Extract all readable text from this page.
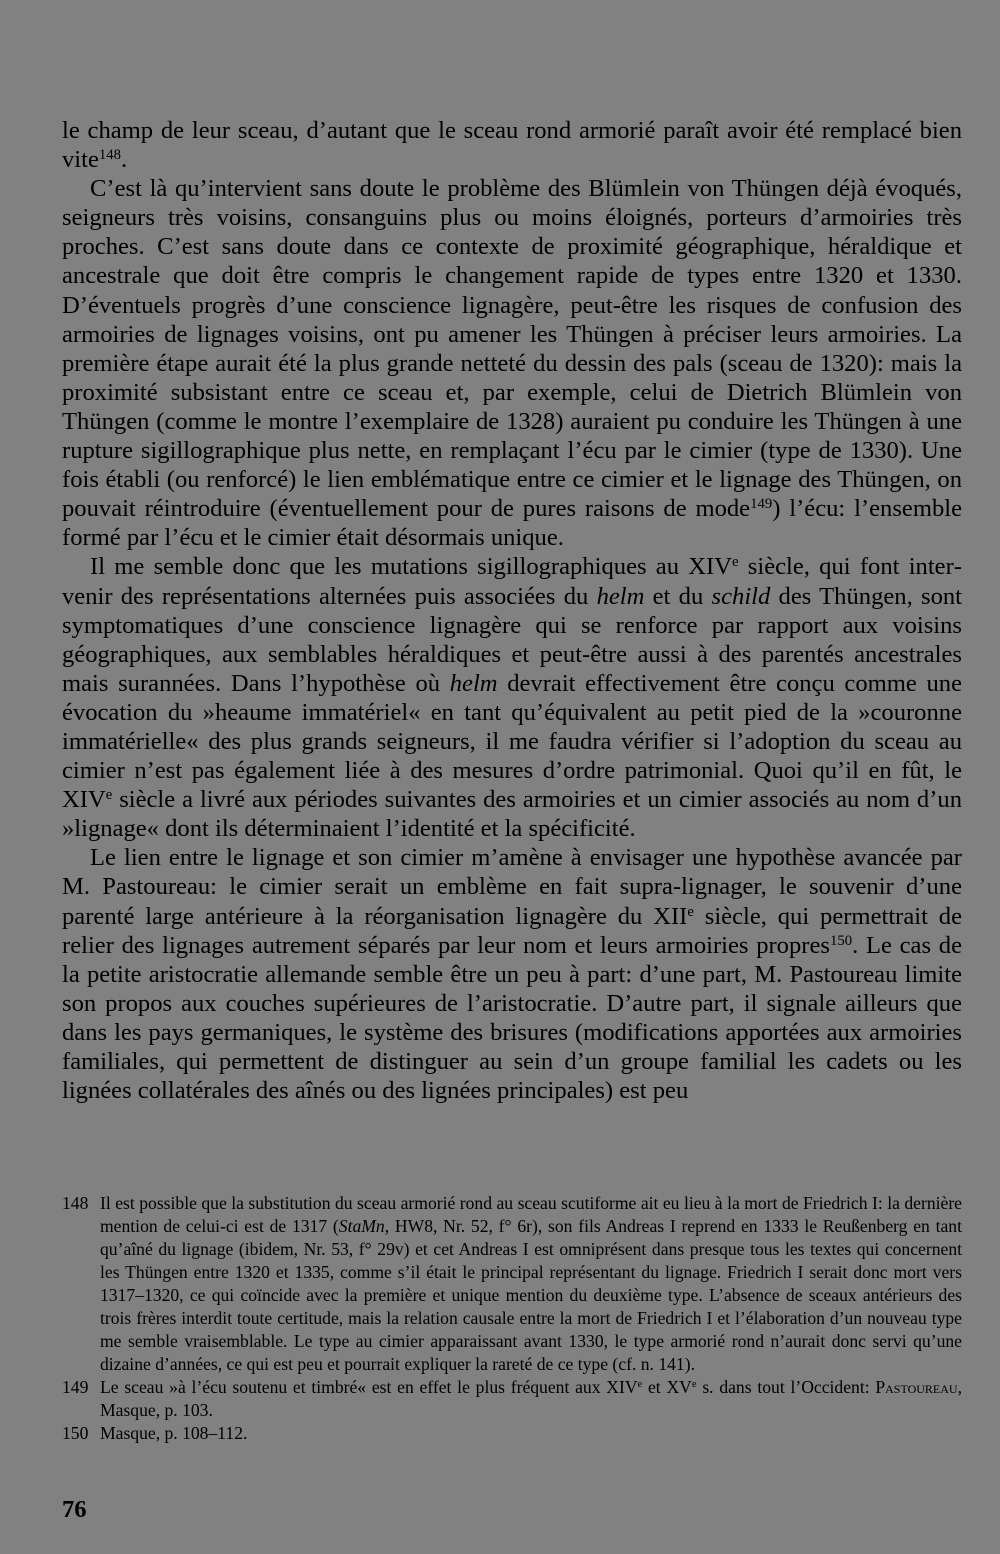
le champ de leur sceau, d’autant que le sceau rond armorié paraît avoir été remplacé bien vite$^{148}$.

C’est là qu’intervient sans doute le problème des Blümlein von Thüngen déjà évoqués, seigneurs très voisins, consanguins plus ou moins éloignés, porteurs d’armoiries très proches. C’est sans doute dans ce contexte de proximité géographique, héraldique et ancestrale que doit être compris le changement rapide de types entre 1320 et 1330. D’éventuels progrès d’une conscience lignagère, peut-être les risques de confusion des armoiries de lignages voisins, ont pu amener les Thüngen à préciser leurs armoiries. La première étape aurait été la plus grande netteté du dessin des pals (sceau de 1320): mais la proximité subsistant entre ce sceau et, par exemple, celui de Dietrich Blümlein von Thüngen (comme le montre l’exemplaire de 1328) auraient pu conduire les Thüngen à une rupture sigillographique plus nette, en remplaçant l’écu par le cimier (type de 1330). Une fois établi (ou renforcé) le lien emblématique entre ce cimier et le lignage des Thüngen, on pouvait réintroduire (éventuellement pour de pures raisons de mode$^{149}$) l’écu: l’ensemble formé par l’écu et le cimier était désormais unique.

Il me semble donc que les mutations sigillographiques au XIVe siècle, qui font intervenir des représentations alternées puis associées du helm et du schild des Thüngen, sont symptomatiques d’une conscience lignagère qui se renforce par rapport aux voisins géographiques, aux semblables héraldiques et peut-être aussi à des parentés ancestrales mais surannées. Dans l’hypothèse où helm devrait effectivement être conçu comme une évocation du »heaume immatériel« en tant qu’équivalent au petit pied de la »couronne immatérielle« des plus grands seigneurs, il me faudra vérifier si l’adoption du sceau au cimier n’est pas également liée à des mesures d’ordre patrimonial. Quoi qu’il en fût, le XIVe siècle a livré aux périodes suivantes des armoiries et un cimier associés au nom d’un »lignage« dont ils déterminaient l’identité et la spécificité.

Le lien entre le lignage et son cimier m’amène à envisager une hypothèse avancée par M. Pastoureau: le cimier serait un emblème en fait supra-lignager, le souvenir d’une parenté large antérieure à la réorganisation lignagère du XIIe siècle, qui permettrait de relier des lignages autrement séparés par leur nom et leurs armoiries propres$^{150}$. Le cas de la petite aristocratie allemande semble être un peu à part: d’une part, M. Pastoureau limite son propos aux couches supérieures de l’aristocratie. D’autre part, il signale ailleurs que dans les pays germaniques, le système des brisures (modifications apportées aux armoiries familiales, qui permettent de distinguer au sein d’un groupe familial les cadets ou les lignées collatérales des aînés ou des lignées principales) est peu

148 Il est possible que la substitution du sceau armorié rond au sceau scutiforme ait eu lieu à la mort de Friedrich I: la dernière mention de celui-ci est de 1317 (StaMn, HW8, Nr. 52, f° 6r), son fils Andreas I reprend en 1333 le Reußenberg en tant qu’aîné du lignage (ibidem, Nr. 53, f° 29v) et cet Andreas I est omniprésent dans presque tous les textes qui concernent les Thüngen entre 1320 et 1335, comme s’il était le principal représentant du lignage. Friedrich I serait donc mort vers 1317–1320, ce qui coïncide avec la première et unique mention du deuxième type. L’absence de sceaux antérieurs des trois frères interdit toute certitude, mais la relation causale entre la mort de Friedrich I et l’élaboration d’un nouveau type me semble vraisemblable. Le type au cimier apparaissant avant 1330, le type armorié rond n’aurait donc servi qu’une dizaine d’années, ce qui est peu et pourrait expliquer la rareté de ce type (cf. n. 141).

149 Le sceau »à l’écu soutenu et timbré« est en effet le plus fréquent aux XIVe et XVe s. dans tout l’Occident: Pastoureau, Masque, p. 103.

150 Masque, p. 108–112.

76
